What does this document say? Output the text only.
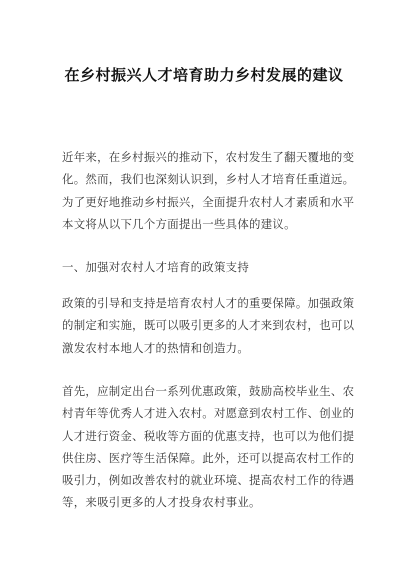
在乡村振兴人才培育助力乡村发展的建议

近年来，在乡村振兴的推动下，农村发生了翻天覆地的变
化。然而，我们也深刻认识到，乡村人才培育任重道远。
为了更好地推动乡村振兴，全面提升农村人才素质和水平
本文将从以下几个方面提出一些具体的建议。

一、加强对农村人才培育的政策支持

政策的引导和支持是培育农村人才的重要保障。加强政策
的制定和实施，既可以吸引更多的人才来到农村，也可以
激发农村本地人才的热情和创造力。

首先，应制定出台一系列优惠政策，鼓励高校毕业生、农
村青年等优秀人才进入农村。对愿意到农村工作、创业的
人才进行资金、税收等方面的优惠支持，也可以为他们提
供住房、医疗等生活保障。此外，还可以提高农村工作的
吸引力，例如改善农村的就业环境、提高农村工作的待遇
等，来吸引更多的人才投身农村事业。
